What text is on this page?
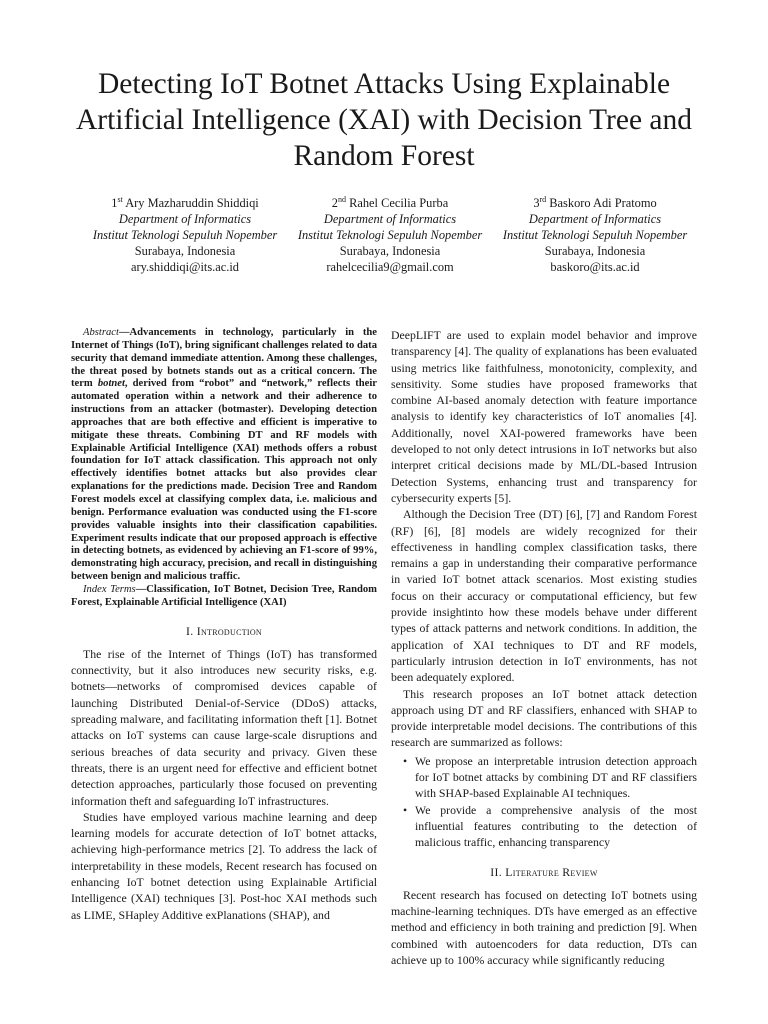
Detecting IoT Botnet Attacks Using Explainable Artificial Intelligence (XAI) with Decision Tree and Random Forest
1st Ary Mazharuddin Shiddiqi
Department of Informatics
Institut Teknologi Sepuluh Nopember
Surabaya, Indonesia
ary.shiddiqi@its.ac.id
2nd Rahel Cecilia Purba
Department of Informatics
Institut Teknologi Sepuluh Nopember
Surabaya, Indonesia
rahelcecilia9@gmail.com
3rd Baskoro Adi Pratomo
Department of Informatics
Institut Teknologi Sepuluh Nopember
Surabaya, Indonesia
baskoro@its.ac.id

Abstract—Advancements in technology, particularly in the Internet of Things (IoT), bring significant challenges related to data security that demand immediate attention. Among these challenges, the threat posed by botnets stands out as a critical concern. The term botnet, derived from “robot” and “network,” reflects their automated operation within a network and their adherence to instructions from an attacker (botmaster). Developing detection approaches that are both effective and efficient is imperative to mitigate these threats. Combining DT and RF models with Explainable Artificial Intelligence (XAI) methods offers a robust foundation for IoT attack classification. This approach not only effectively identifies botnet attacks but also provides clear explanations for the predictions made. Decision Tree and Random Forest models excel at classifying complex data, i.e. malicious and benign. Performance evaluation was conducted using the F1-score provides valuable insights into their classification capabilities. Experiment results indicate that our proposed approach is effective in detecting botnets, as evidenced by achieving an F1-score of 99%, demonstrating high accuracy, precision, and recall in distinguishing between benign and malicious traffic.

Index Terms—Classification, IoT Botnet, Decision Tree, Random Forest, Explainable Artificial Intelligence (XAI)

I. Introduction

The rise of the Internet of Things (IoT) has transformed connectivity, but it also introduces new security risks, e.g. botnets—networks of compromised devices capable of launching Distributed Denial-of-Service (DDoS) attacks, spreading malware, and facilitating information theft [1]. Botnet attacks on IoT systems can cause large-scale disruptions and serious breaches of data security and privacy. Given these threats, there is an urgent need for effective and efficient botnet detection approaches, particularly those focused on preventing information theft and safeguarding IoT infrastructures.

Studies have employed various machine learning and deep learning models for accurate detection of IoT botnet attacks, achieving high-performance metrics [2]. To address the lack of interpretability in these models, Recent research has focused on enhancing IoT botnet detection using Explainable Artificial Intelligence (XAI) techniques [3]. Post-hoc XAI methods such as LIME, SHapley Additive exPlanations (SHAP), and

DeepLIFT are used to explain model behavior and improve transparency [4]. The quality of explanations has been evaluated using metrics like faithfulness, monotonicity, complexity, and sensitivity. Some studies have proposed frameworks that combine AI-based anomaly detection with feature importance analysis to identify key characteristics of IoT anomalies [4]. Additionally, novel XAI-powered frameworks have been developed to not only detect intrusions in IoT networks but also interpret critical decisions made by ML/DL-based Intrusion Detection Systems, enhancing trust and transparency for cybersecurity experts [5].

Although the Decision Tree (DT) [6], [7] and Random Forest (RF) [6], [8] models are widely recognized for their effectiveness in handling complex classification tasks, there remains a gap in understanding their comparative performance in varied IoT botnet attack scenarios. Most existing studies focus on their accuracy or computational efficiency, but few provide insightinto how these models behave under different types of attack patterns and network conditions. In addition, the application of XAI techniques to DT and RF models, particularly intrusion detection in IoT environments, has not been adequately explored.

This research proposes an IoT botnet attack detection approach using DT and RF classifiers, enhanced with SHAP to provide interpretable model decisions. The contributions of this research are summarized as follows:

• We propose an interpretable intrusion detection approach for IoT botnet attacks by combining DT and RF classifiers with SHAP-based Explainable AI techniques.
• We provide a comprehensive analysis of the most influential features contributing to the detection of malicious traffic, enhancing transparency
II. Literature Review

Recent research has focused on detecting IoT botnets using machine-learning techniques. DTs have emerged as an effective method and efficiency in both training and prediction [9]. When combined with autoencoders for data reduction, DTs can achieve up to 100% accuracy while significantly reducing
